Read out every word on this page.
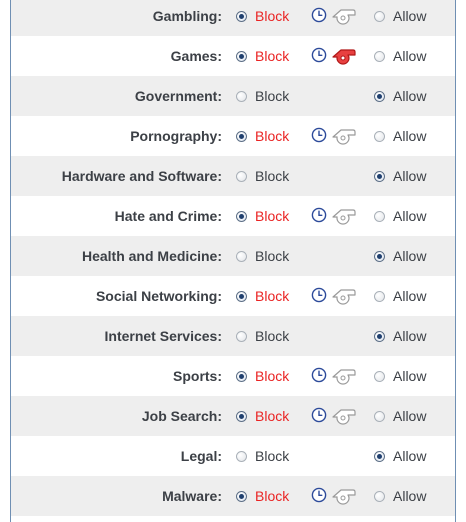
Gambling: Block	Allow
Games: Block	Allow
Government: Block	Allow
Pornography: Block	Allow
Hardware and Software: Block	Allow
Hate and Crime: Block	Allow
Health and Medicine: Block	Allow
Social Networking: Block	Allow
Internet Services: Block	Allow
Sports: Block	Allow
Job Search: Block	Allow
Legal: Block	Allow
Malware: Block	Allow
